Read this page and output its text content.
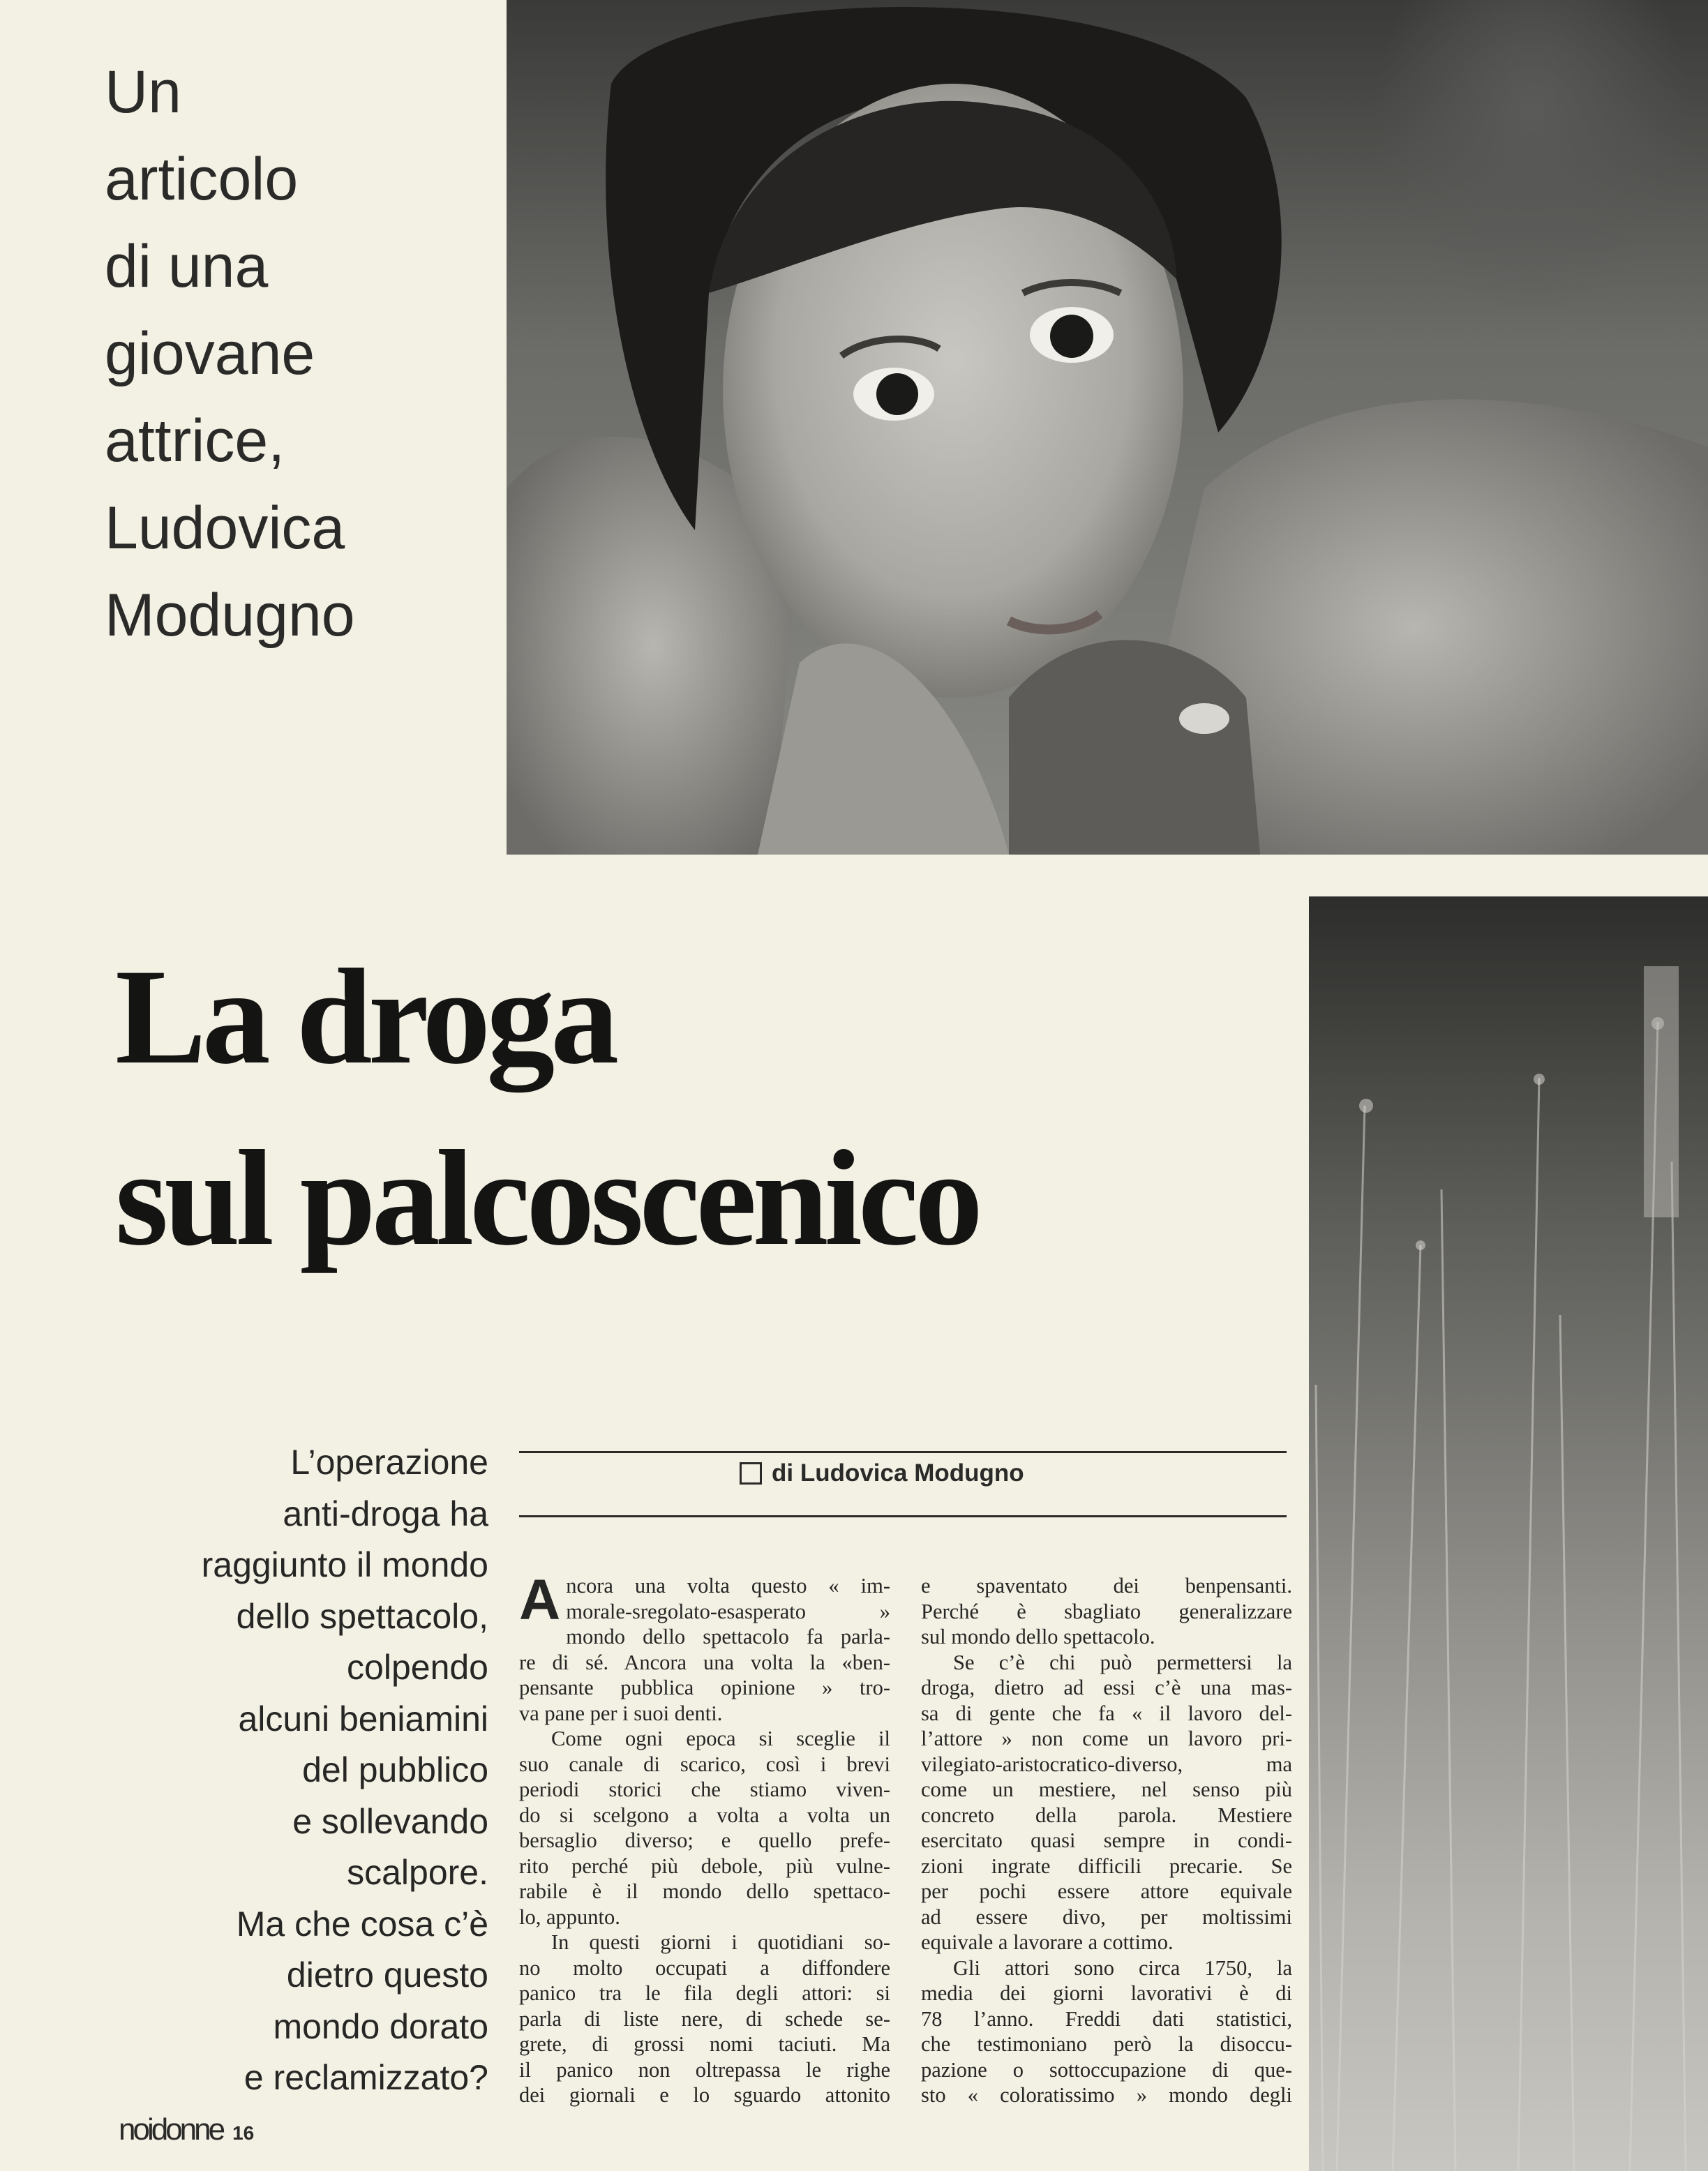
Un
articolo
di una
giovane
attrice,
Ludovica
Modugno
La droga
sul palcoscenico
L’operazione
anti-droga ha
raggiunto il mondo
dello spettacolo,
colpendo
alcuni beniamini
del pubblico
e sollevando
scalpore.
Ma che cosa c’è
dietro questo
mondo dorato
e reclamizzato?
di Ludovica Modugno
A ncora una volta questo « im-
morale-sregolato-esasperato »
mondo dello spettacolo fa parla-
re di sé. Ancora una volta la «ben-
pensante pubblica opinione » tro-
va pane per i suoi denti.
Come ogni epoca si sceglie il
suo canale di scarico, così i brevi
periodi storici che stiamo viven-
do si scelgono a volta a volta un
bersaglio diverso; e quello prefe-
rito perché più debole, più vulne-
rabile è il mondo dello spettaco-
lo, appunto.
In questi giorni i quotidiani so-
no molto occupati a diffondere
panico tra le fila degli attori: si
parla di liste nere, di schede se-
grete, di grossi nomi taciuti. Ma
il panico non oltrepassa le righe
dei giornali e lo sguardo attonito
e spaventato dei benpensanti.
Perché è sbagliato generalizzare
sul mondo dello spettacolo.
Se c’è chi può permettersi la
droga, dietro ad essi c’è una mas-
sa di gente che fa « il lavoro del-
l’attore » non come un lavoro pri-
vilegiato-aristocratico-diverso, ma
come un mestiere, nel senso più
concreto della parola. Mestiere
esercitato quasi sempre in condi-
zioni ingrate difficili precarie. Se
per pochi essere attore equivale
ad essere divo, per moltissimi
equivale a lavorare a cottimo.
Gli attori sono circa 1750, la
media dei giorni lavorativi è di
78 l’anno. Freddi dati statistici,
che testimoniano però la disoccu-
pazione o sottoccupazione di que-
sto « coloratissimo » mondo degli
noidonne 16
